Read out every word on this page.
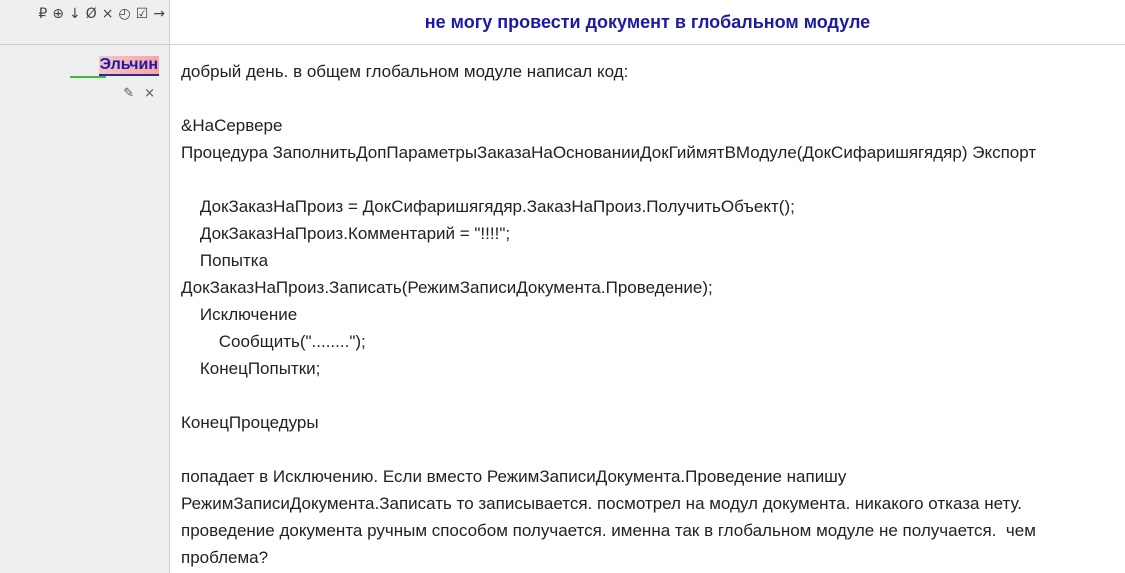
₽ ⊕ ↓ Ø × ◴ ☑ →
Эльчин
✎ ×
не могу провести документ в глобальном модуле
добрый день. в общем глобальном модуле написал код:
&НаСервере
Процедура ЗаполнитьДопПараметрыЗаказаНаОснованииДокГиймятВМодуле(ДокСифаришягядяр) Экспорт
ДокЗаказНаПроиз = ДокСифаришягядяр.ЗаказНаПроиз.ПолучитьОбъект();
ДокЗаказНаПроиз.Комментарий = "!!!!";
Попытка
ДокЗаказНаПроиз.Записать(РежимЗаписиДокумента.Проведение);
Исключение
Сообщить("........");
КонецПопытки;
КонецПроцедуры
попадает в Исключению. Если вместо РежимЗаписиДокумента.Проведение напишу
РежимЗаписиДокумента.Записать то записывается. посмотрел на модул документа. никакого отказа нету.
проведение документа ручным способом получается. именна так в глобальном модуле не получается.  чем
проблема?
